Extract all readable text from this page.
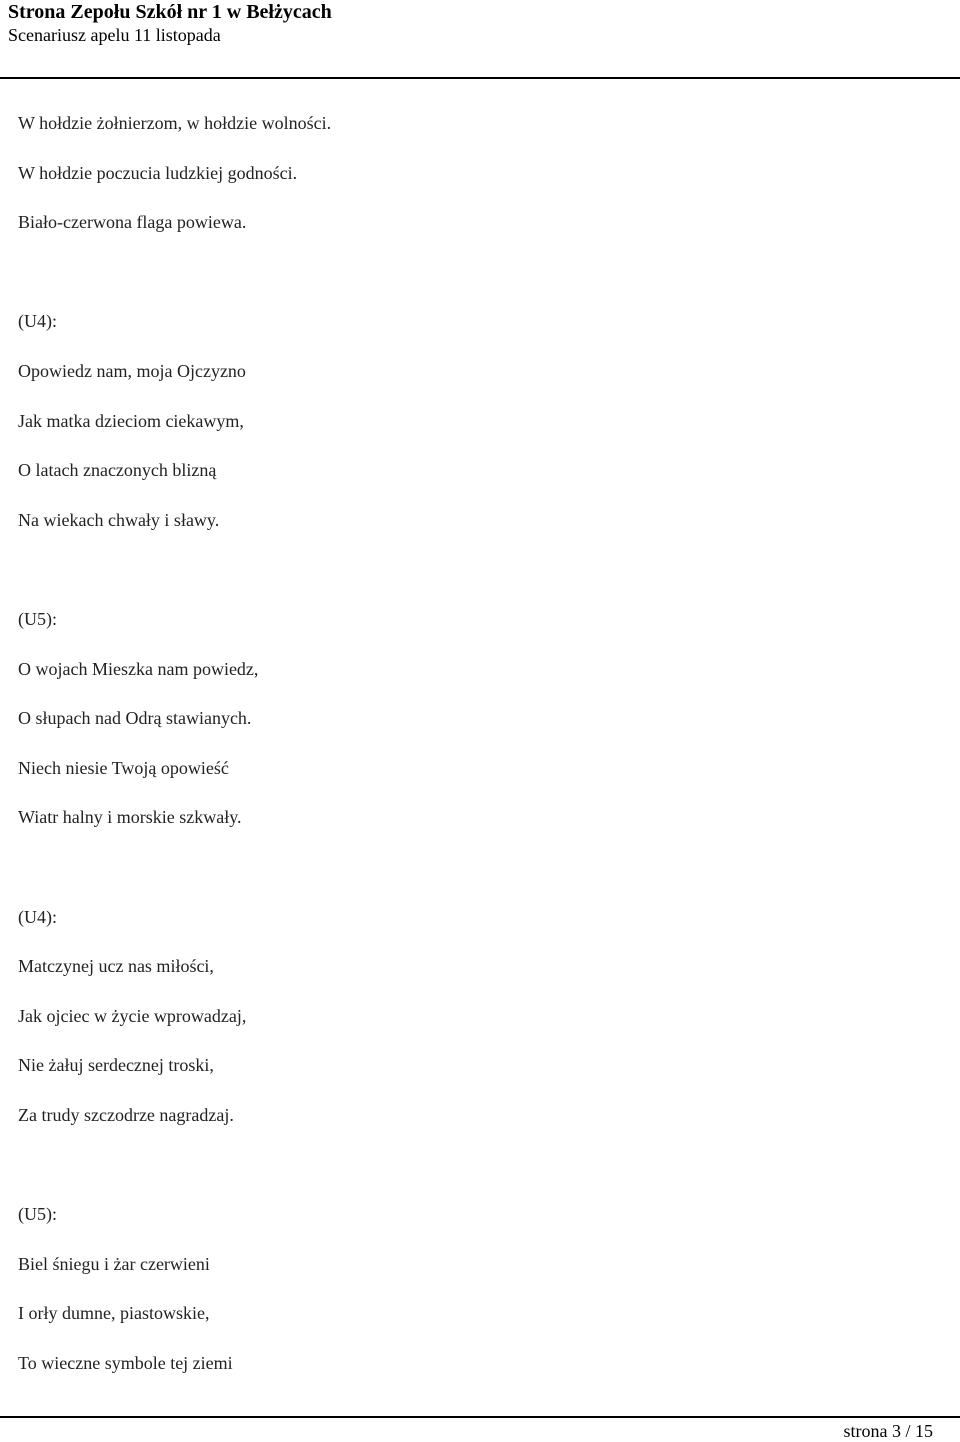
Strona Zepołu Szkół nr 1 w Bełżycach
Scenariusz apelu 11 listopada
W hołdzie żołnierzom, w hołdzie wolności.
W hołdzie poczucia ludzkiej godności.
Biało-czerwona flaga powiewa.
(U4):
Opowiedz nam, moja Ojczyzno
Jak matka dzieciom ciekawym,
O latach znaczonych blizną
Na wiekach chwały i sławy.
(U5):
O wojach Mieszka nam powiedz,
O słupach nad Odrą stawianych.
Niech niesie Twoją opowieść
Wiatr halny i morskie szkwały.
(U4):
Matczynej ucz nas miłości,
Jak ojciec w życie wprowadzaj,
Nie żałuj serdecznej troski,
Za trudy szczodrze nagradzaj.
(U5):
Biel śniegu i żar czerwieni
I orły dumne, piastowskie,
To wieczne symbole tej ziemi
strona 3 / 15
